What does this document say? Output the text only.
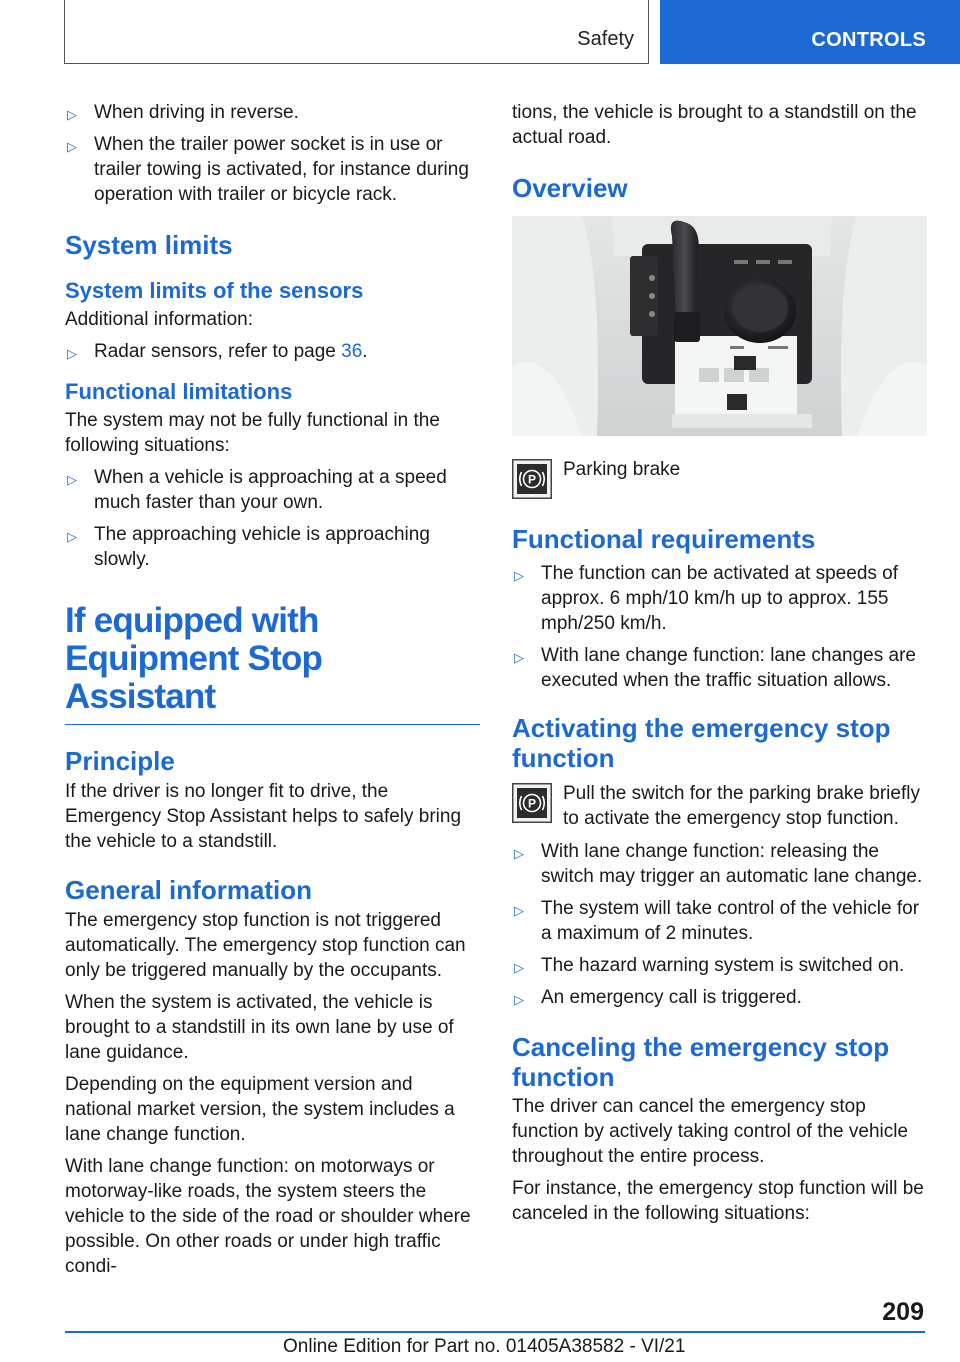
Safety	CONTROLS
▷ When driving in reverse.
▷ When the trailer power socket is in use or trailer towing is activated, for instance during operation with trailer or bicycle rack.
System limits
System limits of the sensors

Additional information:

▷ Radar sensors, refer to page 36.
Functional limitations

The system may not be fully functional in the following situations:

▷ When a vehicle is approaching at a speed much faster than your own.
▷ The approaching vehicle is approaching slowly.
If equipped with Equipment Stop Assistant
Principle

If the driver is no longer fit to drive, the Emergency Stop Assistant helps to safely bring the vehicle to a standstill.

General information

The emergency stop function is not triggered automatically. The emergency stop function can only be triggered manually by the occupants.

When the system is activated, the vehicle is brought to a standstill in its own lane by use of lane guidance.

Depending on the equipment version and national market version, the system includes a lane change function.

With lane change function: on motorways or motorway-like roads, the system steers the vehicle to the side of the road or shoulder where possible. On other roads or under high traffic condi-

tions, the vehicle is brought to a standstill on the actual road.

Overview
P Parking brake

Functional requirements
▷ The function can be activated at speeds of approx. 6 mph/10 km/h up to approx. 155 mph/250 km/h.
▷ With lane change function: lane changes are executed when the traffic situation allows.
Activating the emergency stop function
P Pull the switch for the parking brake briefly to activate the emergency stop function.

▷ With lane change function: releasing the switch may trigger an automatic lane change.
▷ The system will take control of the vehicle for a maximum of 2 minutes.
▷ The hazard warning system is switched on.
▷ An emergency call is triggered.
Canceling the emergency stop function

The driver can cancel the emergency stop function by actively taking control of the vehicle throughout the entire process.

For instance, the emergency stop function will be canceled in the following situations:

209
Online Edition for Part no. 01405A38582 - VI/21
